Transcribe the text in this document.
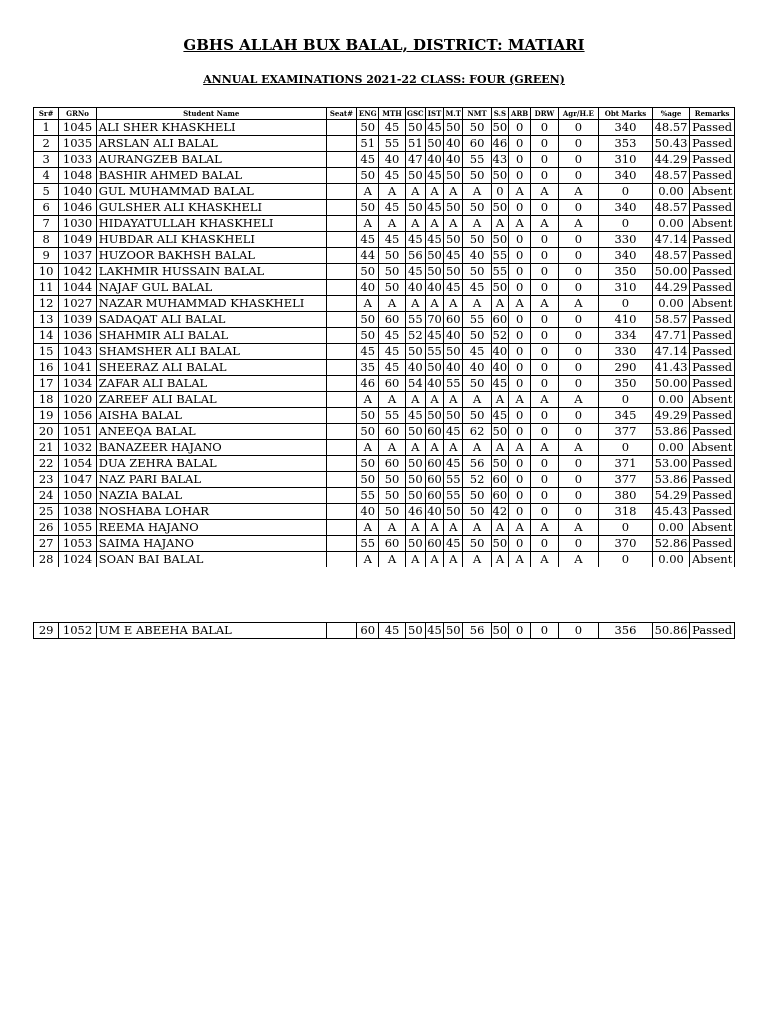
GBHS ALLAH BUX BALAL, DISTRICT: MATIARI
ANNUAL EXAMINATIONS 2021-22 CLASS: FOUR (GREEN)
Sr#	GRNo	Student Name	Seat#	ENG	MTH	GSC	IST	M.T	NMT	S.S	ARB	DRW	Agr/H.E	Obt Marks	%age	Remarks
1	1045	ALI SHER KHASKHELI		50	45	50	45	50	50	50	0	0	0	340	48.57	Passed
2	1035	ARSLAN ALI BALAL		51	55	51	50	40	60	46	0	0	0	353	50.43	Passed
3	1033	AURANGZEB BALAL		45	40	47	40	40	55	43	0	0	0	310	44.29	Passed
4	1048	BASHIR AHMED BALAL		50	45	50	45	50	50	50	0	0	0	340	48.57	Passed
5	1040	GUL MUHAMMAD BALAL		A	A	A	A	A	A	0	A	A	A	0	0.00	Absent
6	1046	GULSHER ALI KHASKHELI		50	45	50	45	50	50	50	0	0	0	340	48.57	Passed
7	1030	HIDAYATULLAH KHASKHELI		A	A	A	A	A	A	A	A	A	A	0	0.00	Absent
8	1049	HUBDAR ALI KHASKHELI		45	45	45	45	50	50	50	0	0	0	330	47.14	Passed
9	1037	HUZOOR BAKHSH BALAL		44	50	56	50	45	40	55	0	0	0	340	48.57	Passed
10	1042	LAKHMIR HUSSAIN BALAL		50	50	45	50	50	50	55	0	0	0	350	50.00	Passed
11	1044	NAJAF GUL BALAL		40	50	40	40	45	45	50	0	0	0	310	44.29	Passed
12	1027	NAZAR MUHAMMAD KHASKHELI		A	A	A	A	A	A	A	A	A	A	0	0.00	Absent
13	1039	SADAQAT ALI BALAL		50	60	55	70	60	55	60	0	0	0	410	58.57	Passed
14	1036	SHAHMIR ALI BALAL		50	45	52	45	40	50	52	0	0	0	334	47.71	Passed
15	1043	SHAMSHER ALI BALAL		45	45	50	55	50	45	40	0	0	0	330	47.14	Passed
16	1041	SHEERAZ ALI BALAL		35	45	40	50	40	40	40	0	0	0	290	41.43	Passed
17	1034	ZAFAR ALI BALAL		46	60	54	40	55	50	45	0	0	0	350	50.00	Passed
18	1020	ZAREEF ALI BALAL		A	A	A	A	A	A	A	A	A	A	0	0.00	Absent
19	1056	AISHA BALAL		50	55	45	50	50	50	45	0	0	0	345	49.29	Passed
20	1051	ANEEQA BALAL		50	60	50	60	45	62	50	0	0	0	377	53.86	Passed
21	1032	BANAZEER HAJANO		A	A	A	A	A	A	A	A	A	A	0	0.00	Absent
22	1054	DUA ZEHRA BALAL		50	60	50	60	45	56	50	0	0	0	371	53.00	Passed
23	1047	NAZ PARI BALAL		50	50	50	60	55	52	60	0	0	0	377	53.86	Passed
24	1050	NAZIA BALAL		55	50	50	60	55	50	60	0	0	0	380	54.29	Passed
25	1038	NOSHABA LOHAR		40	50	46	40	50	50	42	0	0	0	318	45.43	Passed
26	1055	REEMA HAJANO		A	A	A	A	A	A	A	A	A	A	0	0.00	Absent
27	1053	SAIMA HAJANO		55	60	50	60	45	50	50	0	0	0	370	52.86	Passed
28	1024	SOAN BAI BALAL		A	A	A	A	A	A	A	A	A	A	0	0.00	Absent
29	1052	UM E ABEEHA BALAL		60	45	50	45	50	56	50	0	0	0	356	50.86	Passed
